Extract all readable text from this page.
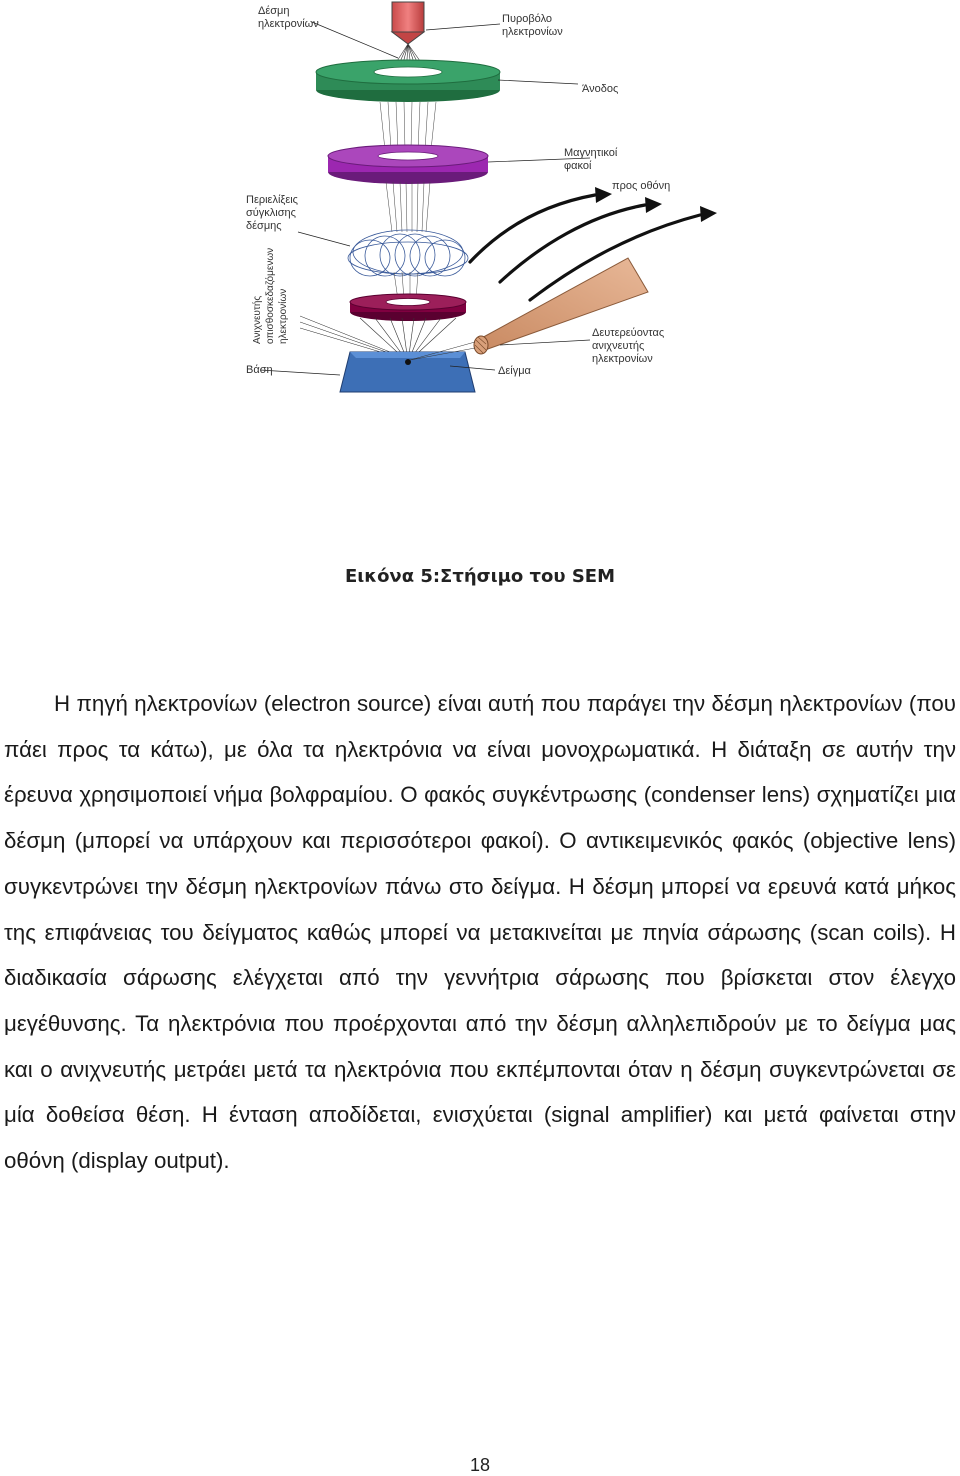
Δέσμη
ηλεκτρονίων	Πυροβόλο
ηλεκτρονίων
Άνοδος
Μαγνητικοί
φακοί
προς οθόνη
Περιελίξεις
σύγκλισης
δέσμης
Ανιχνευτής οπισθοσκεδαζόμενων ηλεκτρονίων	Δευτερεύοντας
ανιχνευτής
ηλεκτρονίων
Βάση	Δείγμα
Εικόνα 5:Στήσιμο του SEM

Η πηγή ηλεκτρονίων (electron source) είναι αυτή που παράγει την δέσμη ηλεκτρονίων (που πάει προς τα κάτω), με όλα τα ηλεκτρόνια να είναι μονοχρωματικά. Η διάταξη σε αυτήν την έρευνα χρησιμοποιεί νήμα βολφραμίου. Ο φακός συγκέντρωσης (condenser lens) σχηματίζει μια δέσμη (μπορεί να υπάρχουν και περισσότεροι φακοί). Ο αντικειμενικός φακός (objective lens) συγκεντρώνει την δέσμη ηλεκτρονίων πάνω στο δείγμα. Η δέσμη μπορεί να ερευνά κατά μήκος της επιφάνειας του δείγματος καθώς μπορεί να μετακινείται με πηνία σάρωσης (scan coils). Η διαδικασία σάρωσης ελέγχεται από την γεννήτρια σάρωσης που βρίσκεται στον έλεγχο μεγέθυνσης. Τα ηλεκτρόνια που προέρχονται από την δέσμη αλληλεπιδρούν με το δείγμα μας και ο ανιχνευτής μετράει μετά τα ηλεκτρόνια που εκπέμπονται όταν η δέσμη συγκεντρώνεται σε μία δοθείσα θέση. Η ένταση αποδίδεται, ενισχύεται (signal amplifier) και μετά φαίνεται στην οθόνη (display output).

18
